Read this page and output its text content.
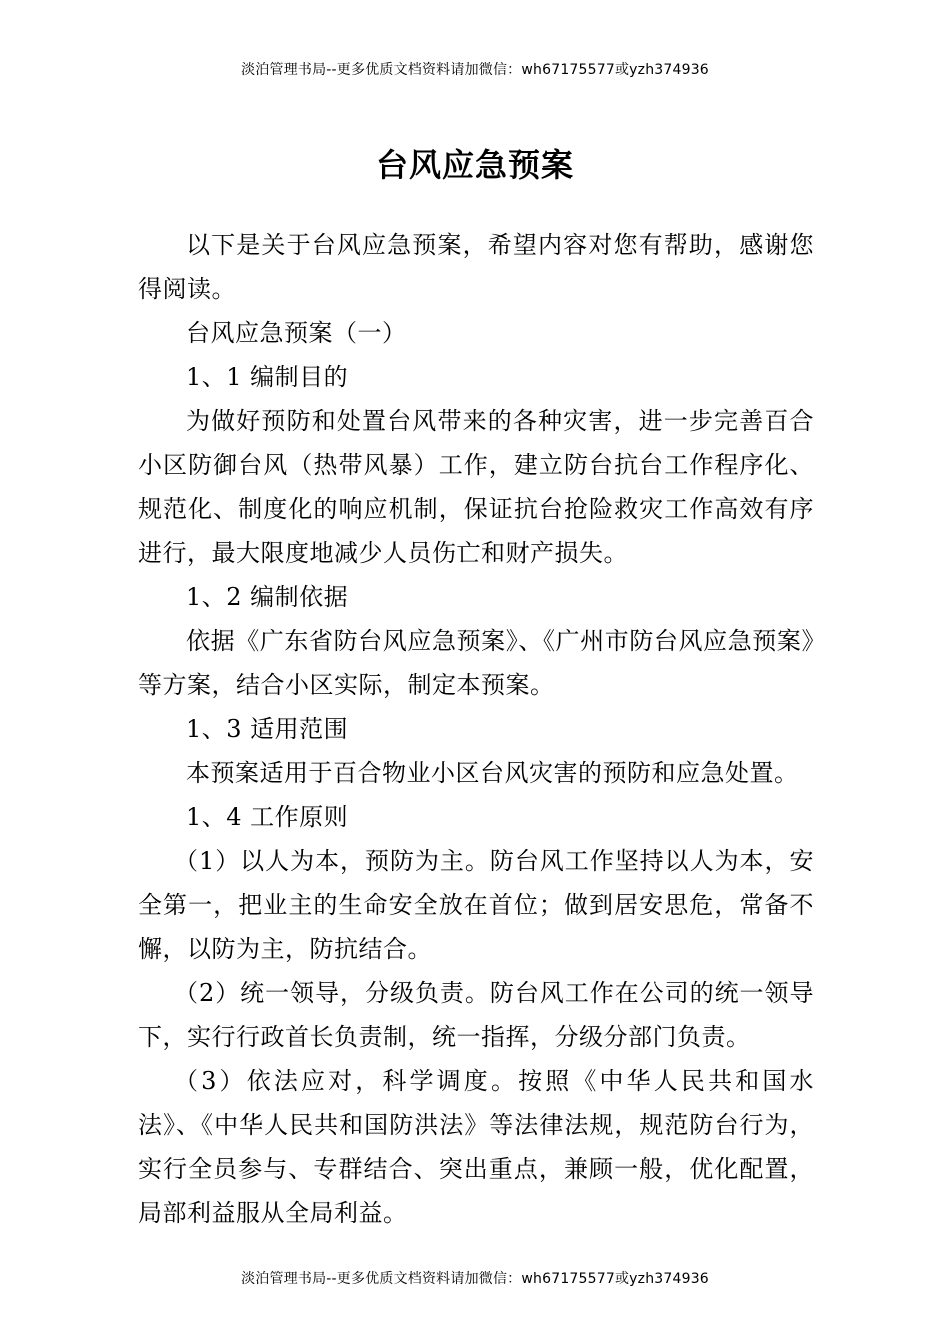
淡泊管理书局--更多优质文档资料请加微信：wh67175577或yzh374936
台风应急预案

以下是关于台风应急预案，希望内容对您有帮助，感谢您得阅读。

台风应急预案（一）

1、1 编制目的

为做好预防和处置台风带来的各种灾害，进一步完善百合小区防御台风（热带风暴）工作，建立防台抗台工作程序化、规范化、制度化的响应机制，保证抗台抢险救灾工作高效有序进行，最大限度地减少人员伤亡和财产损失。

1、2 编制依据

依据《广东省防台风应急预案》、《广州市防台风应急预案》等方案，结合小区实际，制定本预案。

1、3 适用范围

本预案适用于百合物业小区台风灾害的预防和应急处置。

1、4 工作原则

（1）以人为本，预防为主。防台风工作坚持以人为本，安全第一，把业主的生命安全放在首位；做到居安思危，常备不懈，以防为主，防抗结合。

（2）统一领导，分级负责。防台风工作在公司的统一领导下，实行行政首长负责制，统一指挥，分级分部门负责。

（3）依法应对，科学调度。按照《中华人民共和国水法》、《中华人民共和国防洪法》等法律法规，规范防台行为，实行全员参与、专群结合、突出重点，兼顾一般，优化配置，局部利益服从全局利益。

淡泊管理书局--更多优质文档资料请加微信：wh67175577或yzh374936
